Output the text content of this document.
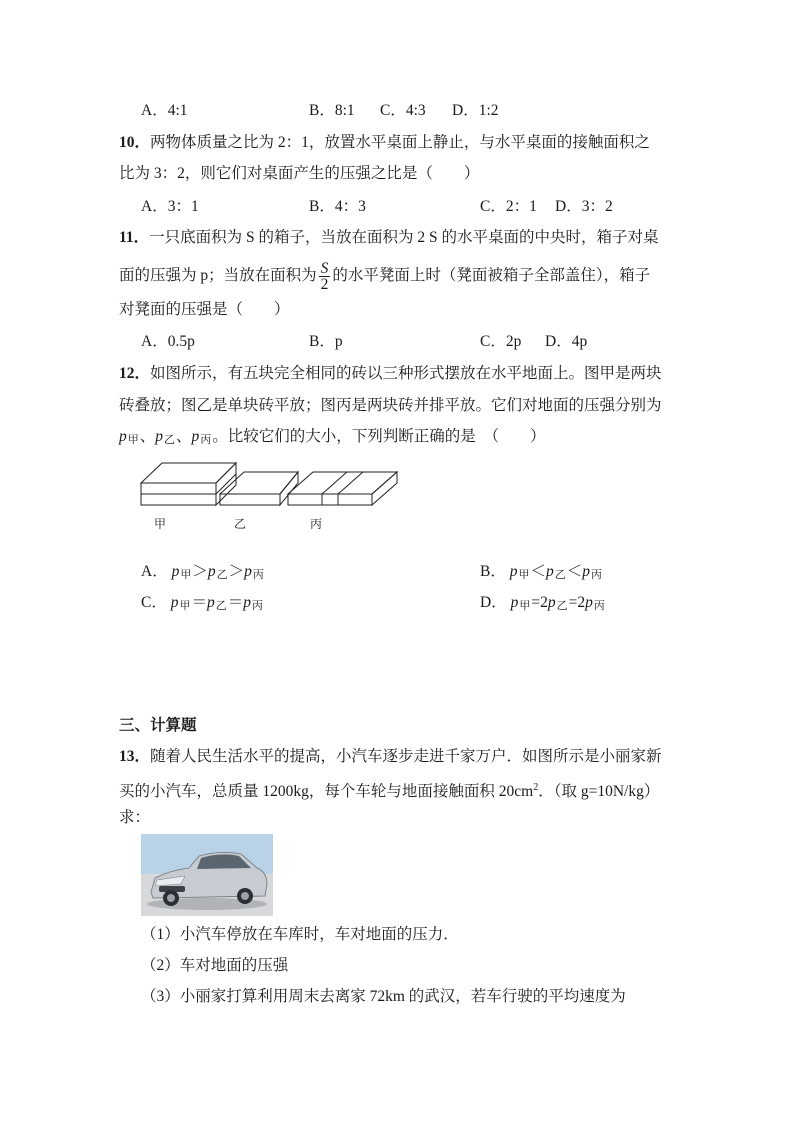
A．4:1	B．8:1 C．4:3 D．1:2
10．两物体质量之比为 2：1，放置水平桌面上静止，与水平桌面的接触面积之
比为 3：2，则它们对桌面产生的压强之比是（　　）
A．3：1	B．4：3	C．2：1 D．3：2
11．一只底面积为 S 的箱子，当放在面积为 2 S 的水平桌面的中央时，箱子对桌
面的压强为 p；当放在面积为 $\frac{S}{2}$ 的水平凳面上时（凳面被箱子全部盖住），箱子
对凳面的压强是（　　）
A．0.5p	B．p	C．2p D．4p
12．如图所示，有五块完全相同的砖以三种形式摆放在水平地面上。图甲是两块
砖叠放；图乙是单块砖平放；图丙是两块砖并排平放。它们对地面的压强分别为
p甲、p乙、p丙。比较它们的大小，下列判断正确的是　（　　）
甲	乙	丙
A． p甲＞p乙＞p丙	B． p甲＜p乙＜p丙
C． p甲＝p乙＝p丙	D． p甲=2p乙=2p丙
三、计算题
13．随着人民生活水平的提高，小汽车逐步走进千家万户．如图所示是小丽家新
买的小汽车，总质量 1200kg，每个车轮与地面接触面积 $20cm^2$．（取 g=10N/kg）
求：
（1）小汽车停放在车库时，车对地面的压力．
（2）车对地面的压强
（3）小丽家打算利用周末去离家 72km 的武汉，若车行驶的平均速度为
